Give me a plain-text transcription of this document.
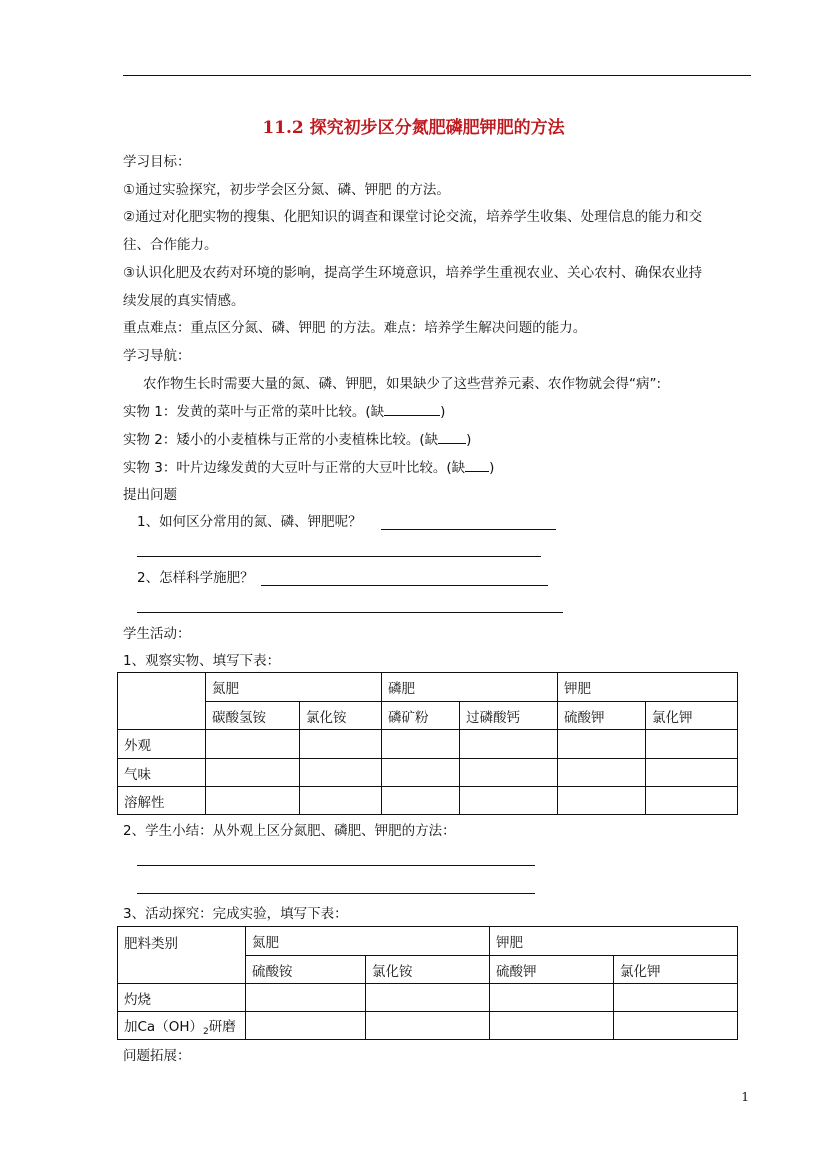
11.2 探究初步区分氮肥磷肥钾肥的方法
学习目标：
①通过实验探究，初步学会区分氮、磷、钾肥 的方法。
②通过对化肥实物的搜集、化肥知识的调查和课堂讨论交流，培养学生收集、处理信息的能力和交
往、合作能力。
③认识化肥及农药对环境的影响，提高学生环境意识，培养学生重视农业、关心农村、确保农业持
续发展的真实情感。
重点难点：重点区分氮、磷、钾肥 的方法。难点：培养学生解决问题的能力。
学习导航：
农作物生长时需要大量的氮、磷、钾肥，如果缺少了这些营养元素、农作物就会得“病”:
实物 1：发黄的菜叶与正常的菜叶比较。(缺	)
实物 2：矮小的小麦植株与正常的小麦植株比较。(缺 )
实物 3：叶片边缘发黄的大豆叶与正常的大豆叶比较。(缺 )
提出问题
1、如何区分常用的氮、磷、钾肥呢？
2、怎样科学施肥？
学生活动：
1、观察实物、填写下表：
	氮肥		磷肥		钾肥	
	碳酸氢铵	氯化铵	磷矿粉	过磷酸钙	硫酸钾	氯化钾
外观						
气味						
溶解性						
2、学生小结：从外观上区分氮肥、磷肥、钾肥的方法：
3、活动探究：完成实验，填写下表：
肥料类别	氮肥		钾肥	
	硫酸铵	氯化铵	硫酸钾	氯化钾
灼烧				
加$Ca(OH)_2$研磨				
问题拓展：
1
